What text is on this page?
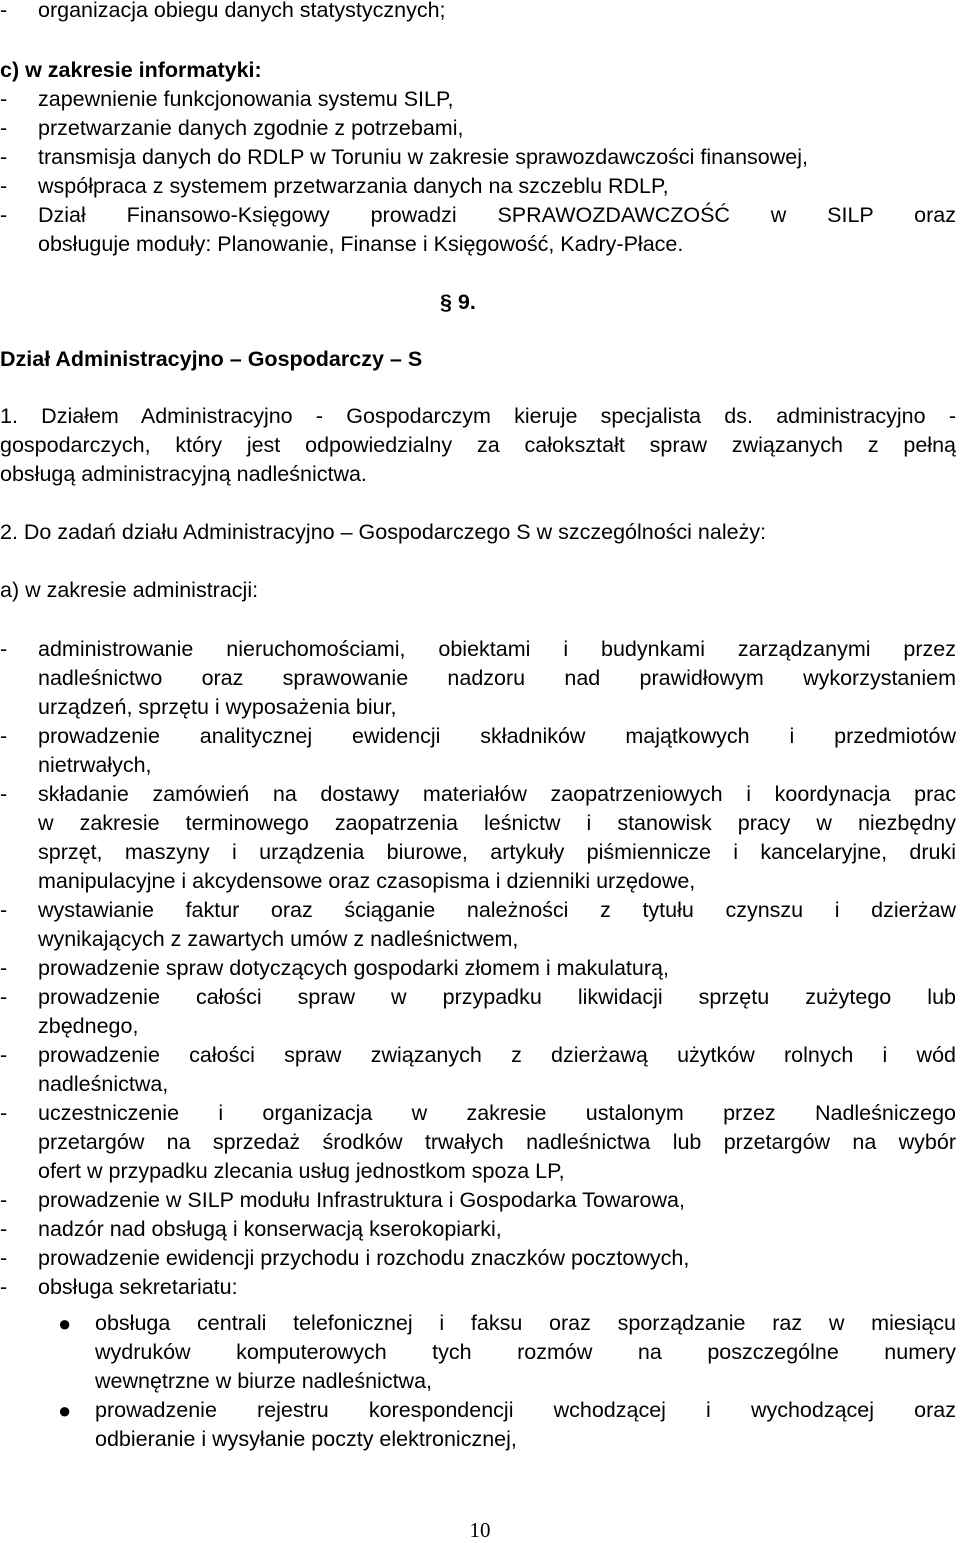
- organizacja obiegu danych statystycznych;
c) w zakresie informatyki:
- zapewnienie funkcjonowania systemu SILP,
- przetwarzanie danych zgodnie z potrzebami,
- transmisja danych do RDLP w Toruniu w zakresie sprawozdawczości finansowej,
- współpraca z systemem przetwarzania danych na szczeblu RDLP,
- Dział Finansowo-Księgowy prowadzi SPRAWOZDAWCZOŚĆ w SILP oraz
obsługuje moduły: Planowanie, Finanse i Księgowość, Kadry-Płace.
§ 9.
Dział Administracyjno – Gospodarczy – S
1. Działem Administracyjno - Gospodarczym kieruje specjalista ds. administracyjno -
gospodarczych, który jest odpowiedzialny za całokształt spraw związanych z pełną
obsługą administracyjną nadleśnictwa.
2. Do zadań działu Administracyjno – Gospodarczego S w szczególności należy:
a) w zakresie administracji:
- administrowanie nieruchomościami, obiektami i budynkami zarządzanymi przez
nadleśnictwo oraz sprawowanie nadzoru nad prawidłowym wykorzystaniem
urządzeń, sprzętu i wyposażenia biur,
- prowadzenie analitycznej ewidencji składników majątkowych i przedmiotów
nietrwałych,
- składanie zamówień na dostawy materiałów zaopatrzeniowych i koordynacja prac
w zakresie terminowego zaopatrzenia leśnictw i stanowisk pracy w niezbędny
sprzęt, maszyny i urządzenia biurowe, artykuły piśmiennicze i kancelaryjne, druki
manipulacyjne i akcydensowe oraz czasopisma i dzienniki urzędowe,
- wystawianie faktur oraz ściąganie należności z tytułu czynszu i dzierżaw
wynikających z zawartych umów z nadleśnictwem,
- prowadzenie spraw dotyczących gospodarki złomem i makulaturą,
- prowadzenie całości spraw w przypadku likwidacji sprzętu zużytego lub
zbędnego,
- prowadzenie całości spraw związanych z dzierżawą użytków rolnych i wód
nadleśnictwa,
- uczestniczenie i organizacja w zakresie ustalonym przez Nadleśniczego
przetargów na sprzedaż środków trwałych nadleśnictwa lub przetargów na wybór
ofert w przypadku zlecania usług jednostkom spoza LP,
- prowadzenie w SILP modułu Infrastruktura i Gospodarka Towarowa,
- nadzór nad obsługą i konserwacją kserokopiarki,
- prowadzenie ewidencji przychodu i rozchodu znaczków pocztowych,
- obsługa sekretariatu:
● obsługa centrali telefonicznej i faksu oraz sporządzanie raz w miesiącu
wydruków komputerowych tych rozmów na poszczególne numery
wewnętrzne w biurze nadleśnictwa,
● prowadzenie rejestru korespondencji wchodzącej i wychodzącej oraz
odbieranie i wysyłanie poczty elektronicznej,
10
